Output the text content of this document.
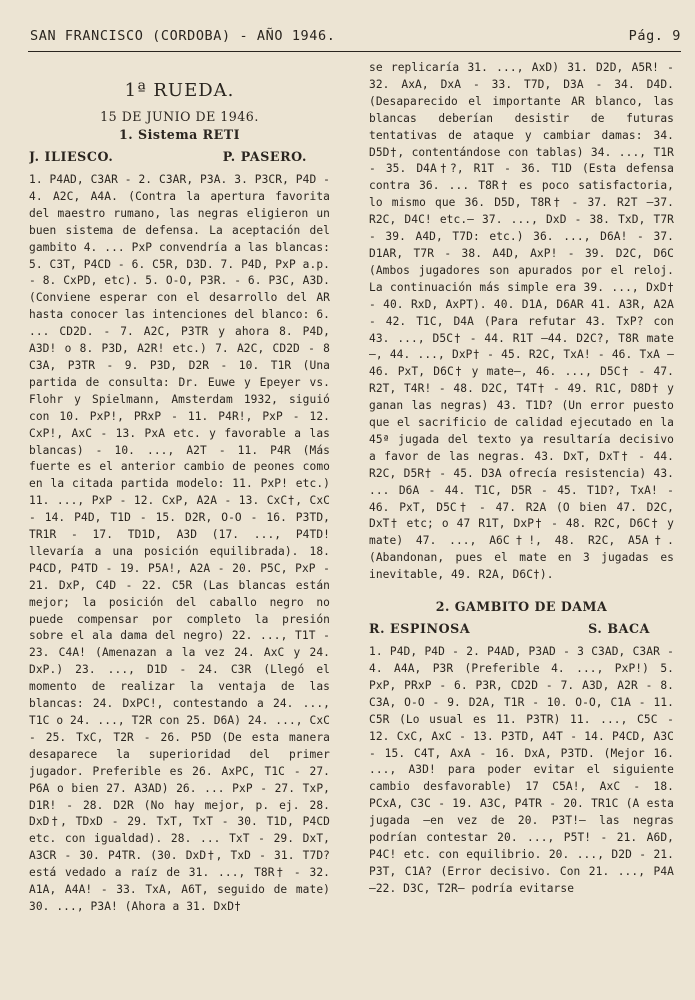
SAN FRANCISCO (CORDOBA) - AÑO 1946.	Pág. 9

1ª RUEDA.

15 DE JUNIO DE 1946.

1. Sistema RETI

J. ILIESCO.	P. PASERO.

1. P4AD, C3AR - 2. C3AR, P3A. 3. P3CR, P4D - 4. A2C, A4A. (Contra la apertura favorita del maestro rumano, las negras eligieron un buen sistema de defensa. La aceptación del gambito 4. ... PxP convendría a las blancas: 5. C3T, P4CD - 6. C5R, D3D. 7. P4D, PxP a.p. - 8. CxPD, etc). 5. O-O, P3R. - 6. P3C, A3D. (Conviene esperar con el desarrollo del AR hasta conocer las intenciones del blanco: 6. ... CD2D. - 7. A2C, P3TR y ahora 8. P4D, A3D! o 8. P3D, A2R! etc.) 7. A2C, CD2D - 8 C3A, P3TR - 9. P3D, D2R - 10. T1R (Una partida de consulta: Dr. Euwe y Epeyer vs. Flohr y Spielmann, Amsterdam 1932, siguió con 10. PxP!, PRxP - 11. P4R!, PxP - 12. CxP!, AxC - 13. PxA etc. y favorable a las blancas) - 10. ..., A2T - 11. P4R (Más fuerte es el anterior cambio de peones como en la citada partida modelo: 11. PxP! etc.) 11. ..., PxP - 12. CxP, A2A - 13. CxC†, CxC - 14. P4D, T1D - 15. D2R, O-O - 16. P3TD, TR1R - 17. TD1D, A3D (17. ..., P4TD! llevaría a una posición equilibrada). 18. P4CD, P4TD - 19. P5A!, A2A - 20. P5C, PxP - 21. DxP, C4D - 22. C5R (Las blancas están mejor; la posición del caballo negro no puede compensar por completo la presión sobre el ala dama del negro) 22. ..., T1T - 23. C4A! (Amenazan a la vez 24. AxC y 24. DxP.) 23. ..., D1D - 24. C3R (Llegó el momento de realizar la ventaja de las blancas: 24. DxPC!, contestando a 24. ..., T1C o 24. ..., T2R con 25. D6A) 24. ..., CxC - 25. TxC, T2R - 26. P5D (De esta manera desaparece la superioridad del primer jugador. Preferible es 26. AxPC, T1C - 27. P6A o bien 27. A3AD) 26. ... PxP - 27. TxP, D1R! - 28. D2R (No hay mejor, p. ej. 28. DxD†, TDxD - 29. TxT, TxT - 30. T1D, P4CD etc. con igualdad). 28. ... TxT - 29. DxT, A3CR - 30. P4TR. (30. DxD†, TxD - 31. T7D? está vedado a raíz de 31. ..., T8R† - 32. A1A, A4A! - 33. TxA, A6T, seguido de mate) 30. ..., P3A! (Ahora a 31. DxD†

se replicaría 31. ..., AxD) 31. D2D, A5R! - 32. AxA, DxA - 33. T7D, D3A - 34. D4D. (Desaparecido el importante AR blanco, las blancas deberían desistir de futuras tentativas de ataque y cambiar damas: 34. D5D†, contentándose con tablas) 34. ..., T1R - 35. D4A†?, R1T - 36. T1D (Esta defensa contra 36. ... T8R† es poco satisfactoria, lo mismo que 36. D5D, T8R† - 37. R2T —37. R2C, D4C! etc.— 37. ..., DxD - 38. TxD, T7R - 39. A4D, T7D: etc.) 36. ..., D6A! - 37. D1AR, T7R - 38. A4D, AxP! - 39. D2C, D6C (Ambos jugadores son apurados por el reloj. La continuación más simple era 39. ..., DxD† - 40. RxD, AxPT). 40. D1A, D6AR 41. A3R, A2A - 42. T1C, D4A (Para refutar 43. TxP? con 43. ..., D5C† - 44. R1T —44. D2C?, T8R mate—, 44. ..., DxP† - 45. R2C, TxA! - 46. TxA —46. PxT, D6C† y mate—, 46. ..., D5C† - 47. R2T, T4R! - 48. D2C, T4T† - 49. R1C, D8D† y ganan las negras) 43. T1D? (Un error puesto que el sacrificio de calidad ejecutado en la 45ª jugada del texto ya resultaría decisivo a favor de las negras. 43. DxT, DxT† - 44. R2C, D5R† - 45. D3A ofrecía resistencia) 43. ... D6A - 44. T1C, D5R - 45. T1D?, TxA! - 46. PxT, D5C† - 47. R2A (O bien 47. D2C, DxT† etc; o 47 R1T, DxP† - 48. R2C, D6C† y mate) 47. ..., A6C†!, 48. R2C, A5A†. (Abandonan, pues el mate en 3 jugadas es inevitable, 49. R2A, D6C†).

2. GAMBITO DE DAMA

R. ESPINOSA	S. BACA

1. P4D, P4D - 2. P4AD, P3AD - 3 C3AD, C3AR - 4. A4A, P3R (Preferible 4. ..., PxP!) 5. PxP, PRxP - 6. P3R, CD2D - 7. A3D, A2R - 8. C3A, O-O - 9. D2A, T1R - 10. O-O, C1A - 11. C5R (Lo usual es 11. P3TR) 11. ..., C5C - 12. CxC, AxC - 13. P3TD, A4T - 14. P4CD, A3C - 15. C4T, AxA - 16. DxA, P3TD. (Mejor 16. ..., A3D! para poder evitar el siguiente cambio desfavorable) 17 C5A!, AxC - 18. PCxA, C3C - 19. A3C, P4TR - 20. TR1C (A esta jugada —en vez de 20. P3T!— las negras podrían contestar 20. ..., P5T! - 21. A6D, P4C! etc. con equilibrio. 20. ..., D2D - 21. P3T, C1A? (Error decisivo. Con 21. ..., P4A —22. D3C, T2R— podría evitarse
